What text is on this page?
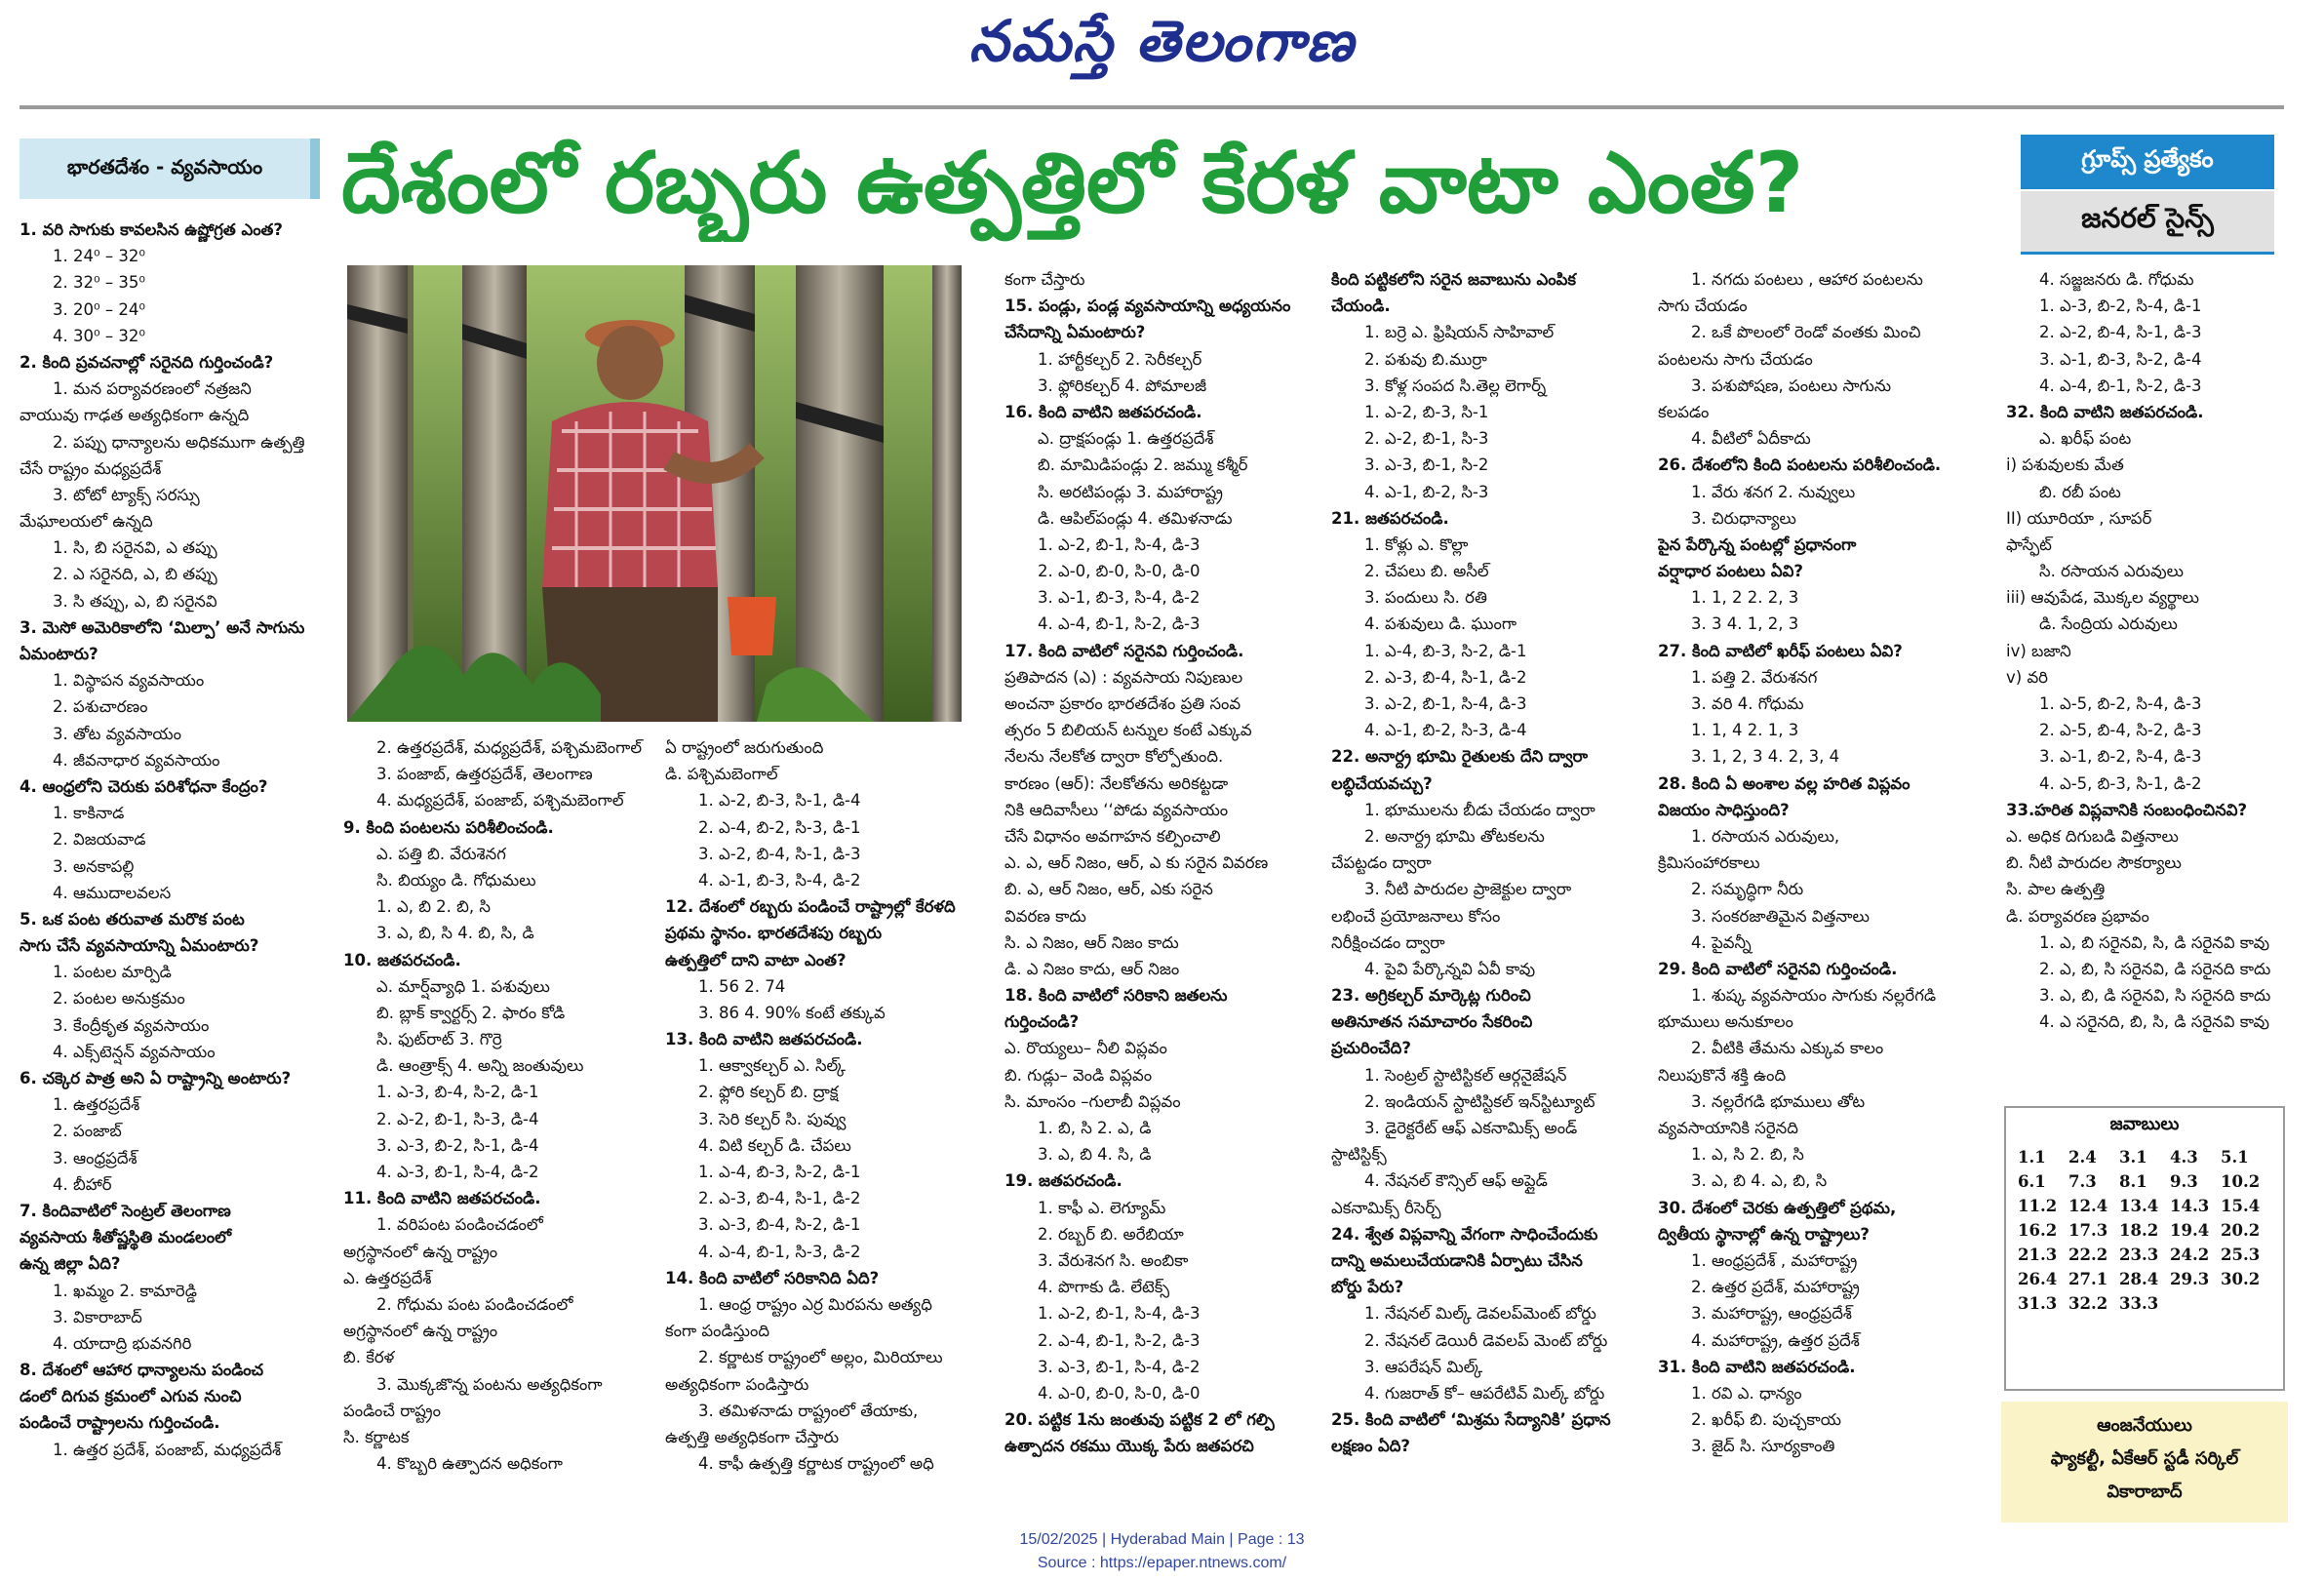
నమస్తే తెలంగాణ
భారతదేశం - వ్యవసాయం దేశంలో రబ్బరు ఉత్పత్తిలో కేరళ వాటా ఎంత?	గ్రూప్స్ ప్రత్యేకం
జనరల్ సైన్స్
1. వరి సాగుకు కావలసిన ఉష్ణోగ్రత ఎంత?
1. 24⁰ – 32⁰
2. 32⁰ – 35⁰
3. 20⁰ – 24⁰
4. 30⁰ – 32⁰
2. కింది ప్రవచనాల్లో సరైనది గుర్తించండి?
1. మన పర్యావరణంలో నత్రజని
వాయువు గాఢత అత్యధికంగా ఉన్నది
2. పప్పు ధాన్యాలను అధికముగా ఉత్పత్తి
చేసే రాష్ట్రం మధ్యప్రదేశ్
3. టోటో ట్యాక్స్ సరస్సు
మేఘాలయలో ఉన్నది
1. సి, బి సరైనవి, ఎ తప్పు
2. ఎ సరైనది, ఎ, బి తప్పు
3. సి తప్పు, ఎ, బి సరైనవి
3. మెసో అమెరికాలోని ‘మిల్పా’ అనే సాగును
ఏమంటారు?
1. విస్థాపన వ్యవసాయం
2. పశుచారణం
3. తోట వ్యవసాయం
4. జీవనాధార వ్యవసాయం
4. ఆంధ్రలోని చెరుకు పరిశోధనా కేంద్రం?
1. కాకినాడ
2. విజయవాడ
3. అనకాపల్లి
4. ఆముదాలవలస
5. ఒక పంట తరువాత మరొక పంట
సాగు చేసే వ్యవసాయాన్ని ఏమంటారు?
1. పంటల మార్పిడి
2. పంటల అనుక్రమం
3. కేంద్రీకృత వ్యవసాయం
4. ఎక్స్‌టెన్షన్ వ్యవసాయం
6. చక్కెర పాత్ర అని ఏ రాష్ట్రాన్ని అంటారు?
1. ఉత్తరప్రదేశ్
2. పంజాబ్
3. ఆంధ్రప్రదేశ్
4. బీహార్
7. కిందివాటిలో సెంట్రల్ తెలంగాణ
వ్యవసాయ శీతోష్ణస్థితి మండలంలో
ఉన్న జిల్లా ఏది?
1. ఖమ్మం 2. కామారెడ్డి
3. వికారాబాద్
4. యాదాద్రి భువనగిరి
8. దేశంలో ఆహార ధాన్యాలను పండించ
డంలో దిగువ క్రమంలో ఎగువ నుంచి
పండించే రాష్ట్రాలను గుర్తించండి.
1. ఉత్తర ప్రదేశ్, పంజాబ్, మధ్యప్రదేశ్
2. ఉత్తరప్రదేశ్, మధ్యప్రదేశ్, పశ్చిమబెంగాల్
3. పంజాబ్, ఉత్తరప్రదేశ్, తెలంగాణ
4. మధ్యప్రదేశ్, పంజాబ్, పశ్చిమబెంగాల్
9. కింది పంటలను పరిశీలించండి.
ఎ. పత్తి బి. వేరుశెనగ
సి. బియ్యం డి. గోధుమలు
1. ఎ, బి 2. బి, సి
3. ఎ, బి, సి 4. బి, సి, డి
10. జతపరచండి.
ఎ. మార్ష్‌వ్యాధి 1. పశువులు
బి. బ్లాక్ క్వార్టర్స్ 2. ఫారం కోడి
సి. ఫుట్‌రాట్ 3. గొర్రె
డి. ఆంత్రాక్స్ 4. అన్ని జంతువులు
1. ఎ-3, బి-4, సి-2, డి-1
2. ఎ-2, బి-1, సి-3, డి-4
3. ఎ-3, బి-2, సి-1, డి-4
4. ఎ-3, బి-1, సి-4, డి-2
11. కింది వాటిని జతపరచండి.
1. వరిపంట పండించడంలో
అగ్రస్థానంలో ఉన్న రాష్ట్రం
ఎ. ఉత్తరప్రదేశ్
2. గోధుమ పంట పండించడంలో
అగ్రస్థానంలో ఉన్న రాష్ట్రం
బి. కేరళ
3. మొక్కజొన్న పంటను అత్యధికంగా
పండించే రాష్ట్రం
సి. కర్ణాటక
4. కొబ్బరి ఉత్పాదన అధికంగా
ఏ రాష్ట్రంలో జరుగుతుంది
డి. పశ్చిమబెంగాల్
1. ఎ-2, బి-3, సి-1, డి-4
2. ఎ-4, బి-2, సి-3, డి-1
3. ఎ-2, బి-4, సి-1, డి-3
4. ఎ-1, బి-3, సి-4, డి-2
12. దేశంలో రబ్బరు పండించే రాష్ట్రాల్లో కేరళది
ప్రథమ స్థానం. భారతదేశపు రబ్బరు
ఉత్పత్తిలో దాని వాటా ఎంత?
1. 56 2. 74
3. 86 4. 90% కంటే తక్కువ
13. కింది వాటిని జతపరచండి.
1. ఆక్వాకల్చర్ ఎ. సిల్క్
2. ఫ్లోరి కల్చర్ బి. ద్రాక్ష
3. సెరి కల్చర్ సి. పువ్వు
4. విటి కల్చర్ డి. చేపలు
1. ఎ-4, బి-3, సి-2, డి-1
2. ఎ-3, బి-4, సి-1, డి-2
3. ఎ-3, బి-4, సి-2, డి-1
4. ఎ-4, బి-1, సి-3, డి-2
14. కింది వాటిలో సరికానిది ఏది?
1. ఆంధ్ర రాష్ట్రం ఎర్ర మిరపను అత్యధి
కంగా పండిస్తుంది
2. కర్ణాటక రాష్ట్రంలో అల్లం, మిరియాలు
అత్యధికంగా పండిస్తారు
3. తమిళనాడు రాష్ట్రంలో తేయాకు,
ఉత్పత్తి అత్యధికంగా చేస్తారు
4. కాఫీ ఉత్పత్తి కర్ణాటక రాష్ట్రంలో అధి
కంగా చేస్తారు
15. పండ్లు, పండ్ల వ్యవసాయాన్ని అధ్యయనం
చేసేదాన్ని ఏమంటారు?
1. హార్టీకల్చర్ 2. సెరీకల్చర్
3. ఫ్లోరికల్చర్ 4. పోమాలజీ
16. కింది వాటిని జతపరచండి.
ఎ. ద్రాక్షపండ్లు 1. ఉత్తరప్రదేశ్
బి. మామిడిపండ్లు 2. జమ్ము కశ్మీర్
సి. అరటిపండ్లు 3. మహారాష్ట్ర
డి. ఆపిల్‌పండ్లు 4. తమిళనాడు
1. ఎ-2, బి-1, సి-4, డి-3
2. ఎ-0, బి-0, సి-0, డి-0
3. ఎ-1, బి-3, సి-4, డి-2
4. ఎ-4, బి-1, సి-2, డి-3
17. కింది వాటిలో సరైనవి గుర్తించండి.
ప్రతిపాదన (ఎ) : వ్యవసాయ నిపుణుల
అంచనా ప్రకారం భారతదేశం ప్రతి సంవ
త్సరం 5 బిలియన్ టన్నుల కంటే ఎక్కువ
నేలను నేలకోత ద్వారా కోల్పోతుంది.
కారణం (ఆర్): నేలకోతను అరికట్టడా
నికి ఆదివాసీలు ‘‘పోడు వ్యవసాయం
చేసే విధానం అవగాహన కల్పించాలి
ఎ. ఎ, ఆర్ నిజం, ఆర్, ఎ కు సరైన వివరణ
బి. ఎ, ఆర్ నిజం, ఆర్, ఎకు సరైన
వివరణ కాదు
సి. ఎ నిజం, ఆర్ నిజం కాదు
డి. ఎ నిజం కాదు, ఆర్ నిజం
18. కింది వాటిలో సరికాని జతలను
గుర్తించండి?
ఎ. రొయ్యలు– నీలి విప్లవం
బి. గుడ్లు– వెండి విప్లవం
సి. మాంసం –గులాబీ విప్లవం
1. బి, సి 2. ఎ, డి
3. ఎ, బి 4. సి, డి
19. జతపరచండి.
1. కాఫీ ఎ. లెగ్యూమ్
2. రబ్బర్ బి. అరేబియా
3. వేరుశెనగ సి. అంబికా
4. పొగాకు డి. లేటెక్స్
1. ఎ-2, బి-1, సి-4, డి-3
2. ఎ-4, బి-1, సి-2, డి-3
3. ఎ-3, బి-1, సి-4, డి-2
4. ఎ-0, బి-0, సి-0, డి-0
20. పట్టిక 1ను జంతువు పట్టిక 2 లో గల్పి
ఉత్పాదన రకము యొక్క పేరు జతపరచి
కింది పట్టికలోని సరైన జవాబును ఎంపిక
చేయండి.
1. బర్రె ఎ. ఫ్రిషియన్ సాహివాల్
2. పశువు బి.ముర్రా
3. కోళ్ల సంపద సి.తెల్ల లెగార్న్
1. ఎ-2, బి-3, సి-1
2. ఎ-2, బి-1, సి-3
3. ఎ-3, బి-1, సి-2
4. ఎ-1, బి-2, సి-3
21. జతపరచండి.
1. కోళ్లు ఎ. కొల్లా
2. చేపలు బి. అసీల్
3. పందులు సి. రతి
4. పశువులు డి. ఘుంగా
1. ఎ-4, బి-3, సి-2, డి-1
2. ఎ-3, బి-4, సి-1, డి-2
3. ఎ-2, బి-1, సి-4, డి-3
4. ఎ-1, బి-2, సి-3, డి-4
22. అనార్ద్ర భూమి రైతులకు దేని ద్వారా
లబ్ధిచేయవచ్చు?
1. భూములను బీడు చేయడం ద్వారా
2. అనార్ద్ర భూమి తోటకలను
చేపట్టడం ద్వారా
3. నీటి పారుదల ప్రాజెక్టుల ద్వారా
లభించే ప్రయోజనాలు కోసం
నిరీక్షించడం ద్వారా
4. పైవి పేర్కొన్నవి ఏవీ కావు
23. అగ్రికల్చర్ మార్కెట్ల గురించి
అతినూతన సమాచారం సేకరించి
ప్రచురించేది?
1. సెంట్రల్ స్టాటిస్టికల్ ఆర్గనైజేషన్
2. ఇండియన్ స్టాటిస్టికల్ ఇన్‌స్టిట్యూట్
3. డైరెక్టరేట్ ఆఫ్ ఎకనామిక్స్ అండ్
స్టాటిస్టిక్స్
4. నేషనల్ కౌన్సిల్ ఆఫ్ అప్లైడ్
ఎకనామిక్స్ రీసెర్చ్
24. శ్వేత విప్లవాన్ని వేగంగా సాధించేందుకు
దాన్ని అమలుచేయడానికి ఏర్పాటు చేసిన
బోర్డు పేరు?
1. నేషనల్ మిల్క్ డెవలప్‌మెంట్ బోర్డు
2. నేషనల్ డెయిరీ డెవలప్ మెంట్ బోర్డు
3. ఆపరేషన్ మిల్క్
4. గుజరాత్ కో– ఆపరేటివ్ మిల్క్ బోర్డు
25. కింది వాటిలో ‘మిశ్రమ సేద్యానికి’ ప్రధాన
లక్షణం ఏది?
1. నగదు పంటలు , ఆహార పంటలను
సాగు చేయడం
2. ఒకే పొలంలో రెండో వంతకు మించి
పంటలను సాగు చేయడం
3. పశుపోషణ, పంటలు సాగును
కలపడం
4. వీటిలో ఏదీకాదు
26. దేశంలోని కింది పంటలను పరిశీలించండి.
1. వేరు శనగ 2. నువ్వులు
3. చిరుధాన్యాలు
పైన పేర్కొన్న పంటల్లో ప్రధానంగా
వర్షాధార పంటలు ఏవి?
1. 1, 2 2. 2, 3
3. 3 4. 1, 2, 3
27. కింది వాటిలో ఖరీఫ్ పంటలు ఏవి?
1. పత్తి 2. వేరుశనగ
3. వరి 4. గోధుమ
1. 1, 4 2. 1, 3
3. 1, 2, 3 4. 2, 3, 4
28. కింది ఏ అంశాల వల్ల హరిత విప్లవం
విజయం సాధిస్తుంది?
1. రసాయన ఎరువులు,
క్రిమిసంహారకాలు
2. సమృద్ధిగా నీరు
3. సంకరజాతిమైన విత్తనాలు
4. పైవన్నీ
29. కింది వాటిలో సరైనవి గుర్తించండి.
1. శుష్క వ్యవసాయం సాగుకు నల్లరేగడి
భూములు అనుకూలం
2. వీటికి తేమను ఎక్కువ కాలం
నిలుపుకొనే శక్తి ఉంది
3. నల్లరేగడి భూములు తోట
వ్యవసాయానికి సరైనది
1. ఎ, సి 2. బి, సి
3. ఎ, బి 4. ఎ, బి, సి
30. దేశంలో చెరకు ఉత్పత్తిలో ప్రథమ,
ద్వితీయ స్థానాల్లో ఉన్న రాష్ట్రాలు?
1. ఆంధ్రప్రదేశ్ , మహారాష్ట్ర
2. ఉత్తర ప్రదేశ్, మహారాష్ట్ర
3. మహారాష్ట్ర, ఆంధ్రప్రదేశ్
4. మహారాష్ట్ర, ఉత్తర ప్రదేశ్
31. కింది వాటిని జతపరచండి.
1. రవి ఎ. ధాన్యం
2. ఖరీఫ్ బి. పుచ్చకాయ
3. జైద్ సి. సూర్యకాంతి
4. సజ్జజనరు డి. గోధుమ
1. ఎ-3, బి-2, సి-4, డి-1
2. ఎ-2, బి-4, సి-1, డి-3
3. ఎ-1, బి-3, సి-2, డి-4
4. ఎ-4, బి-1, సి-2, డి-3
32. కింది వాటిని జతపరచండి.
ఎ. ఖరీఫ్ పంట
i) పశువులకు మేత
బి. రబీ పంట
II) యూరియా , సూపర్
ఫాస్ఫేట్
సి. రసాయన ఎరువులు
iii) ఆవుపేడ, మొక్కల వ్యర్థాలు
డి. సేంద్రియ ఎరువులు
iv) బజాని
v) వరి
1. ఎ-5, బి-2, సి-4, డి-3
2. ఎ-5, బి-4, సి-2, డి-3
3. ఎ-1, బి-2, సి-4, డి-3
4. ఎ-5, బి-3, సి-1, డి-2
33.హరిత విప్లవానికి సంబంధించినవి?
ఎ. అధిక దిగుబడి విత్తనాలు
బి. నీటి పారుదల సౌకర్యాలు
సి. పాల ఉత్పత్తి
డి. పర్యావరణ ప్రభావం
1. ఎ, బి సరైనవి, సి, డి సరైనవి కావు
2. ఎ, బి, సి సరైనవి, డి సరైనది కాదు
3. ఎ, బి, డి సరైనవి, సి సరైనది కాదు
4. ఎ సరైనది, బి, సి, డి సరైనవి కావు
జవాబులు
1.1	2.4	3.1	4.3	5.1
6.1	7.3	8.1	9.3	10.2
11.2 12.4 13.4 14.3 15.4
16.2 17.3 18.2 19.4 20.2
21.3 22.2 23.3 24.2 25.3
26.4 27.1 28.4 29.3 30.2
31.3 32.2 33.3
ఆంజనేయులు
ఫ్యాకల్టీ, ఏకేఆర్ స్టడీ సర్కిల్
వికారాబాద్
15/02/2025 | Hyderabad Main | Page : 13
Source : https://epaper.ntnews.com/
